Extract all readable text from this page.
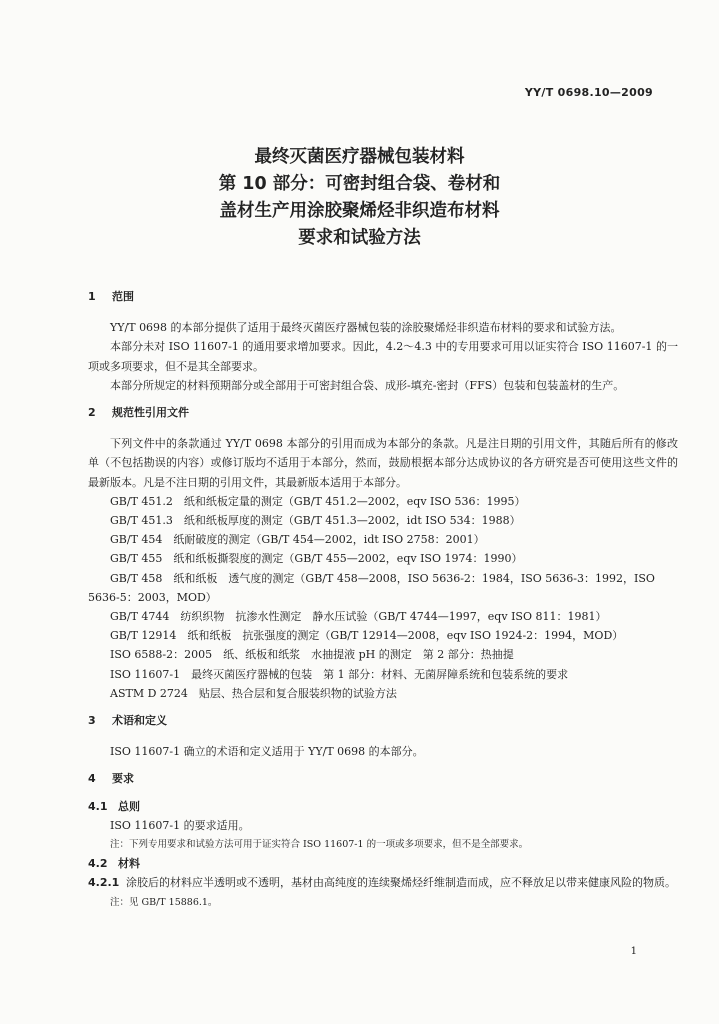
YY/T 0698.10—2009
最终灭菌医疗器械包装材料
第 10 部分：可密封组合袋、卷材和
盖材生产用涂胶聚烯烃非织造布材料
要求和试验方法

1 范围

YY/T 0698 的本部分提供了适用于最终灭菌医疗器械包装的涂胶聚烯烃非织造布材料的要求和试验方法。

本部分未对 ISO 11607-1 的通用要求增加要求。因此，4.2～4.3 中的专用要求可用以证实符合 ISO 11607-1 的一项或多项要求，但不是其全部要求。

本部分所规定的材料预期部分或全部用于可密封组合袋、成形-填充-密封（FFS）包装和包装盖材的生产。

2 规范性引用文件

下列文件中的条款通过 YY/T 0698 本部分的引用而成为本部分的条款。凡是注日期的引用文件，其随后所有的修改单（不包括勘误的内容）或修订版均不适用于本部分，然而，鼓励根据本部分达成协议的各方研究是否可使用这些文件的最新版本。凡是不注日期的引用文件，其最新版本适用于本部分。

GB/T 451.2　纸和纸板定量的测定（GB/T 451.2—2002，eqv ISO 536：1995）

GB/T 451.3　纸和纸板厚度的测定（GB/T 451.3—2002，idt ISO 534：1988）

GB/T 454　纸耐破度的测定（GB/T 454—2002，idt ISO 2758：2001）

GB/T 455　纸和纸板撕裂度的测定（GB/T 455—2002，eqv ISO 1974：1990）

GB/T 458　纸和纸板　透气度的测定（GB/T 458—2008，ISO 5636-2：1984，ISO 5636-3：1992，ISO 5636-5：2003，MOD）

GB/T 4744　纺织织物　抗渗水性测定　静水压试验（GB/T 4744—1997，eqv ISO 811：1981）

GB/T 12914　纸和纸板　抗张强度的测定（GB/T 12914—2008，eqv ISO 1924-2：1994，MOD）

ISO 6588-2：2005　纸、纸板和纸浆　水抽提液 pH 的测定　第 2 部分：热抽提

ISO 11607-1　最终灭菌医疗器械的包装　第 1 部分：材料、无菌屏障系统和包装系统的要求

ASTM D 2724　贴层、热合层和复合服装织物的试验方法

3 术语和定义

ISO 11607-1 确立的术语和定义适用于 YY/T 0698 的本部分。

4 要求

4.1 总则

ISO 11607-1 的要求适用。

注：下列专用要求和试验方法可用于证实符合 ISO 11607-1 的一项或多项要求，但不是全部要求。

4.2 材料

4.2.1 涂胶后的材料应半透明或不透明，基材由高纯度的连续聚烯烃纤维制造而成，应不释放足以带来健康风险的物质。

注：见 GB/T 15886.1。

1
